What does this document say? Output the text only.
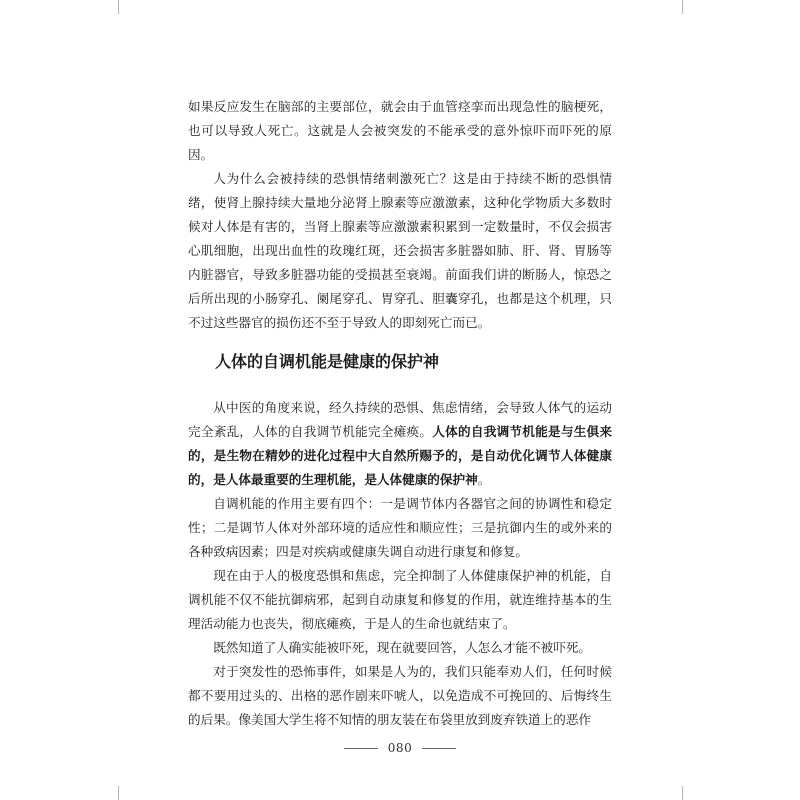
如果反应发生在脑部的主要部位，就会由于血管痉挛而出现急性的脑梗死，也可以导致人死亡。这就是人会被突发的不能承受的意外惊吓而吓死的原因。

人为什么会被持续的恐惧情绪刺激死亡？这是由于持续不断的恐惧情绪，使肾上腺持续大量地分泌肾上腺素等应激激素，这种化学物质大多数时候对人体是有害的，当肾上腺素等应激激素积累到一定数量时，不仅会损害心肌细胞，出现出血性的玫瑰红斑，还会损害多脏器如肺、肝、肾、胃肠等内脏器官，导致多脏器功能的受损甚至衰竭。前面我们讲的断肠人，惊恐之后所出现的小肠穿孔、阑尾穿孔、胃穿孔、胆囊穿孔，也都是这个机理，只不过这些器官的损伤还不至于导致人的即刻死亡而已。

人体的自调机能是健康的保护神

从中医的角度来说，经久持续的恐惧、焦虑情绪，会导致人体气的运动完全紊乱，人体的自我调节机能完全瘫痪。人体的自我调节机能是与生俱来的，是生物在精妙的进化过程中大自然所赐予的，是自动优化调节人体健康的，是人体最重要的生理机能，是人体健康的保护神。

自调机能的作用主要有四个：一是调节体内各器官之间的协调性和稳定性；二是调节人体对外部环境的适应性和顺应性；三是抗御内生的或外来的各种致病因素；四是对疾病或健康失调自动进行康复和修复。

现在由于人的极度恐惧和焦虑，完全抑制了人体健康保护神的机能，自调机能不仅不能抗御病邪，起到自动康复和修复的作用，就连维持基本的生理活动能力也丧失，彻底瘫痪，于是人的生命也就结束了。

既然知道了人确实能被吓死，现在就要回答，人怎么才能不被吓死。

对于突发性的恐怖事件，如果是人为的，我们只能奉劝人们，任何时候都不要用过头的、出格的恶作剧来吓唬人，以免造成不可挽回的、后悔终生的后果。像美国大学生将不知情的朋友装在布袋里放到废弃铁道上的恶作

080
